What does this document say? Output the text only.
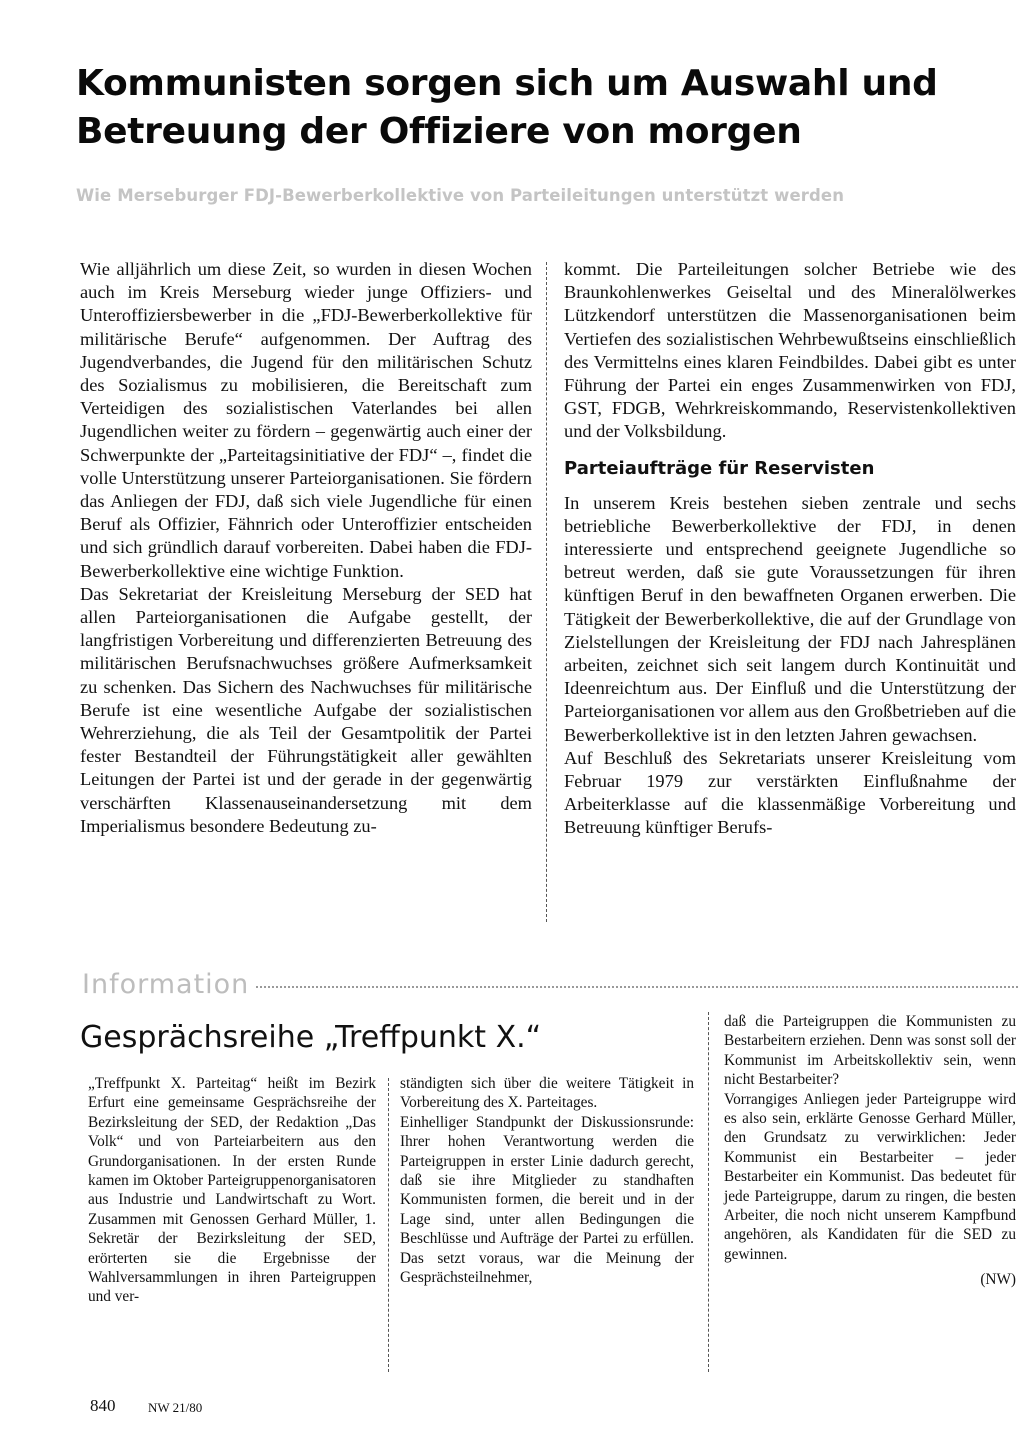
Kommunisten sorgen sich um Auswahl und Betreuung der Offiziere von morgen
Wie Merseburger FDJ-Bewerberkollektive von Parteileitungen unterstützt werden

Wie alljährlich um diese Zeit, so wurden in diesen Wochen auch im Kreis Merseburg wieder junge Offiziers- und Unteroffiziersbewerber in die „FDJ-Bewerberkollektive für militärische Berufe“ aufgenommen. Der Auftrag des Jugendverbandes, die Jugend für den militärischen Schutz des Sozialismus zu mobilisieren, die Bereitschaft zum Verteidigen des sozialistischen Vaterlandes bei allen Jugendlichen weiter zu fördern – gegenwärtig auch einer der Schwerpunkte der „Parteitagsinitiative der FDJ“ –, findet die volle Unterstützung unserer Parteiorganisationen. Sie fördern das Anliegen der FDJ, daß sich viele Jugendliche für einen Beruf als Offizier, Fähnrich oder Unteroffizier entscheiden und sich gründlich darauf vorbereiten. Dabei haben die FDJ-Bewerberkollektive eine wichtige Funktion.

Das Sekretariat der Kreisleitung Merseburg der SED hat allen Parteiorganisationen die Aufgabe gestellt, der langfristigen Vorbereitung und differenzierten Betreuung des militärischen Berufsnachwuchses größere Aufmerksamkeit zu schenken. Das Sichern des Nachwuchses für militärische Berufe ist eine wesentliche Aufgabe der sozialistischen Wehrerziehung, die als Teil der Gesamtpolitik der Partei fester Bestandteil der Führungstätigkeit aller gewählten Leitungen der Partei ist und der gerade in der gegenwärtig verschärften Klassenauseinandersetzung mit dem Imperialismus besondere Bedeutung zu-

kommt. Die Parteileitungen solcher Betriebe wie des Braunkohlenwerkes Geiseltal und des Mineralölwerkes Lützkendorf unterstützen die Massenorganisationen beim Vertiefen des sozialistischen Wehrbewußtseins einschließlich des Vermittelns eines klaren Feindbildes. Dabei gibt es unter Führung der Partei ein enges Zusammenwirken von FDJ, GST, FDGB, Wehrkreiskommando, Reservistenkollektiven und der Volksbildung.

Parteiaufträge für Reservisten

In unserem Kreis bestehen sieben zentrale und sechs betriebliche Bewerberkollektive der FDJ, in denen interessierte und entsprechend geeignete Jugendliche so betreut werden, daß sie gute Voraussetzungen für ihren künftigen Beruf in den bewaffneten Organen erwerben. Die Tätigkeit der Bewerberkollektive, die auf der Grundlage von Zielstellungen der Kreisleitung der FDJ nach Jahresplänen arbeiten, zeichnet sich seit langem durch Kontinuität und Ideenreichtum aus. Der Einfluß und die Unterstützung der Parteiorganisationen vor allem aus den Großbetrieben auf die Bewerberkollektive ist in den letzten Jahren gewachsen.

Auf Beschluß des Sekretariats unserer Kreisleitung vom Februar 1979 zur verstärkten Einflußnahme der Arbeiterklasse auf die klassenmäßige Vorbereitung und Betreuung künftiger Berufs-

Information
Gesprächsreihe „Treffpunkt X.“

„Treffpunkt X. Parteitag“ heißt im Bezirk Erfurt eine gemeinsame Gesprächsreihe der Bezirksleitung der SED, der Redaktion „Das Volk“ und von Parteiarbeitern aus den Grundorganisationen. In der ersten Runde kamen im Oktober Parteigruppenorganisatoren aus Industrie und Landwirtschaft zu Wort. Zusammen mit Genossen Gerhard Müller, 1. Sekretär der Bezirksleitung der SED, erörterten sie die Ergebnisse der Wahlversammlungen in ihren Parteigruppen und ver-

ständigten sich über die weitere Tätigkeit in Vorbereitung des X. Parteitages.

Einhelliger Standpunkt der Diskussionsrunde: Ihrer hohen Verantwortung werden die Parteigruppen in erster Linie dadurch gerecht, daß sie ihre Mitglieder zu standhaften Kommunisten formen, die bereit und in der Lage sind, unter allen Bedingungen die Beschlüsse und Aufträge der Partei zu erfüllen. Das setzt voraus, war die Meinung der Gesprächsteilnehmer,

daß die Parteigruppen die Kommunisten zu Bestarbeitern erziehen. Denn was sonst soll der Kommunist im Arbeitskollektiv sein, wenn nicht Bestarbeiter?

Vorrangiges Anliegen jeder Parteigruppe wird es also sein, erklärte Genosse Gerhard Müller, den Grundsatz zu verwirklichen: Jeder Kommunist ein Bestarbeiter – jeder Bestarbeiter ein Kommunist. Das bedeutet für jede Parteigruppe, darum zu ringen, die besten Arbeiter, die noch nicht unserem Kampfbund angehören, als Kandidaten für die SED zu gewinnen.

(NW)

840	NW 21/80
